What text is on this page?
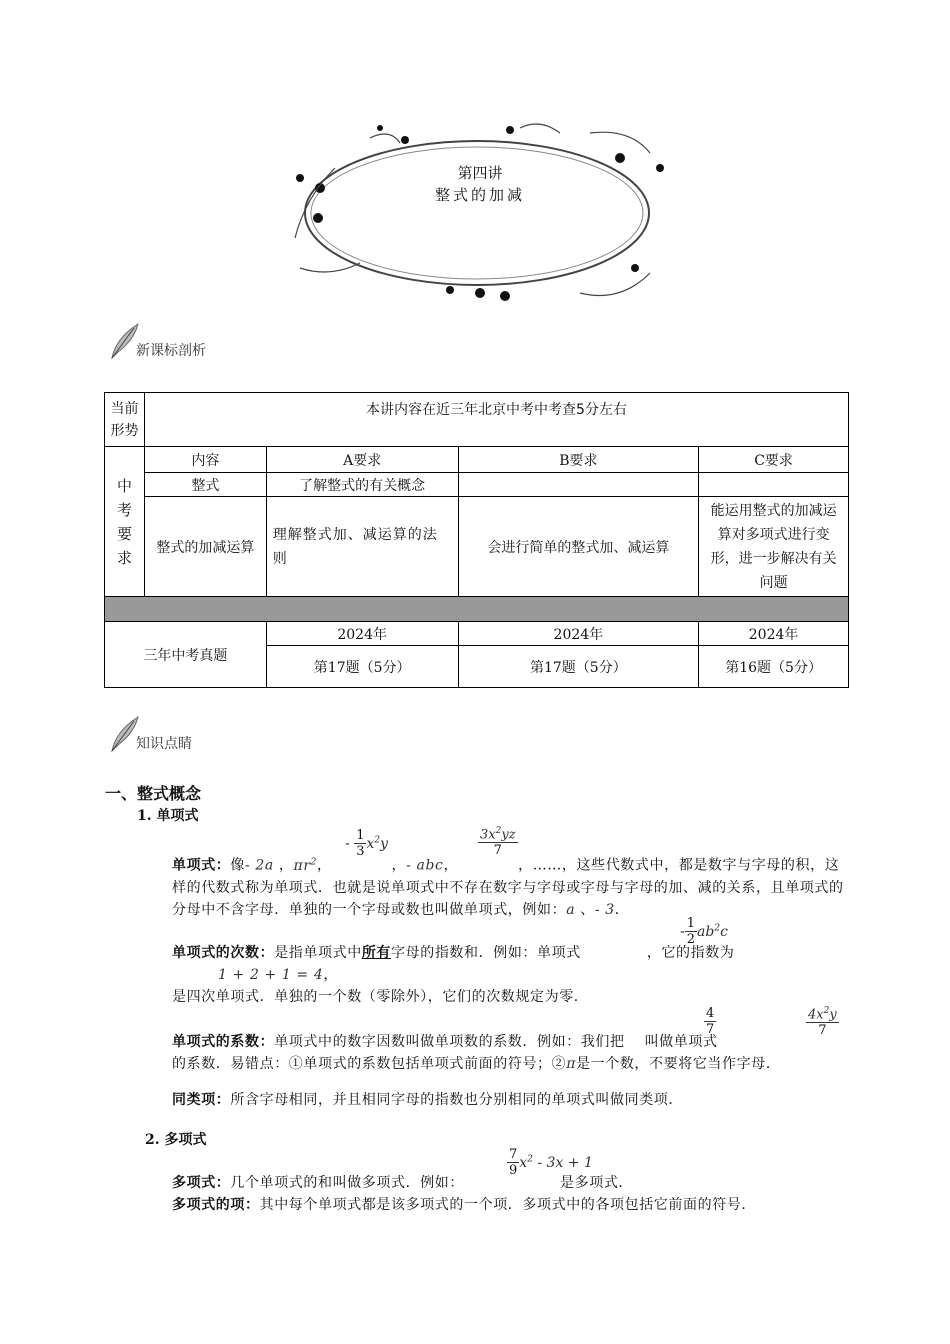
第四讲
整式的加减
新课标剖析
当前形势	本讲内容在近三年北京中考中考查5分左右			
中考要求	内容	A要求	B要求	C要求
	整式	了解整式的有关概念		
	整式的加减运算	理解整式加、减运算的法则	会进行简单的整式加、减运算	能运用整式的加减运算对多项式进行变形，进一步解决有关问题

三年中考真题		2024年	2024年	2024年
		第17题（5分）	第17题（5分）	第16题（5分）
知识点睛
一、整式概念
1. 单项式
- $\frac{1}{3} x^2y$	$\frac{3x^2yz}{7}$
单项式：像- 2a ，$\pi r^2$，	，- abc，	，……，这些代数式中，都是数字与字母的积，这样的代数式称为单项式．也就是说单项式中不存在数字与字母或字母与字母的加、减的关系，且单项式的分母中不含字母．单独的一个字母或数也叫做单项式，例如：a 、- 3．
- $\frac{1}{2} ab^2c$
单项式的次数：是指单项式中所有字母的指数和．例如：单项式	，它的指数为
1 + 2 + 1 = 4，
是四次单项式．单独的一个数（零除外），它们的次数规定为零．
$\frac{4}{7}$	$\frac{4x^2y}{7}$
单项式的系数：单项式中的数字因数叫做单项数的系数．例如：我们把 叫做单项式
的系数．易错点：①单项式的系数包括单项式前面的符号；②π是一个数，不要将它当作字母．
同类项：所含字母相同，并且相同字母的指数也分别相同的单项式叫做同类项．
2. 多项式
$\frac{7}{9} x^2 - 3x + 1$
多项式：几个单项式的和叫做多项式．例如：	是多项式．
多项式的项：其中每个单项式都是该多项式的一个项．多项式中的各项包括它前面的符号．
